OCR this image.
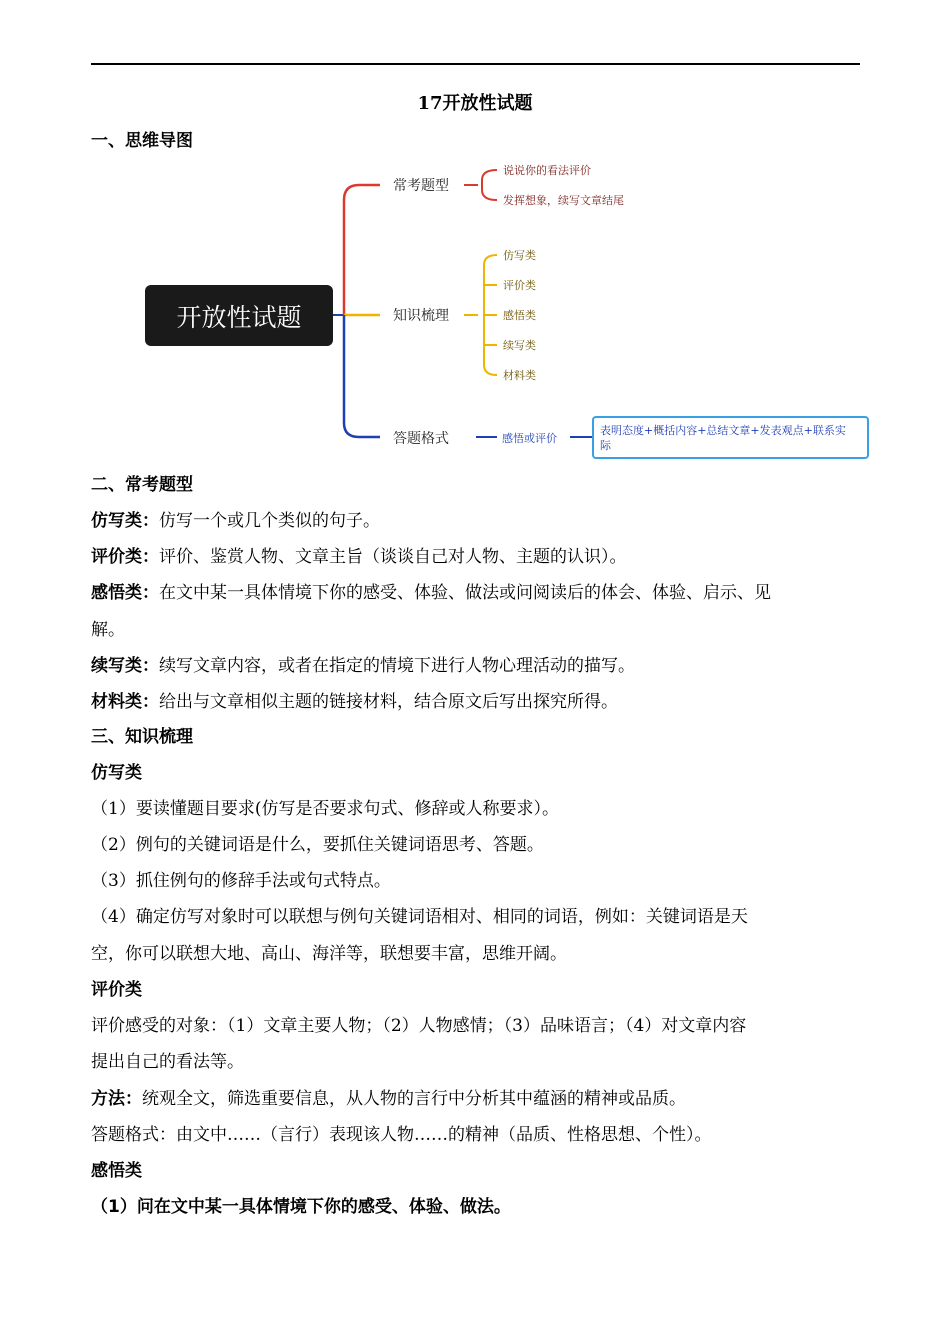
17开放性试题
一、思维导图
开放性试题
常考题型
知识梳理
答题格式
说说你的看法评价
发挥想象，续写文章结尾
仿写类
评价类
感悟类
续写类
材料类
感悟或评价
表明态度+概括内容+总结文章+发表观点+联系实
际
二、常考题型
仿写类：仿写一个或几个类似的句子。
评价类：评价、鉴赏人物、文章主旨（谈谈自己对人物、主题的认识）。
感悟类：在文中某一具体情境下你的感受、体验、做法或问阅读后的体会、体验、启示、见
解。
续写类：续写文章内容，或者在指定的情境下进行人物心理活动的描写。
材料类：给出与文章相似主题的链接材料，结合原文后写出探究所得。
三、知识梳理
仿写类
（1）要读懂题目要求(仿写是否要求句式、修辞或人称要求）。
（2）例句的关键词语是什么，要抓住关键词语思考、答题。
（3）抓住例句的修辞手法或句式特点。
（4）确定仿写对象时可以联想与例句关键词语相对、相同的词语，例如：关键词语是天
空，你可以联想大地、高山、海洋等，联想要丰富，思维开阔。
评价类
评价感受的对象：（1）文章主要人物；（2）人物感情；（3）品味语言；（4）对文章内容
提出自己的看法等。
方法：统观全文，筛选重要信息，从人物的言行中分析其中蕴涵的精神或品质。
答题格式：由文中……（言行）表现该人物……的精神（品质、性格思想、个性）。
感悟类
（1）问在文中某一具体情境下你的感受、体验、做法。
